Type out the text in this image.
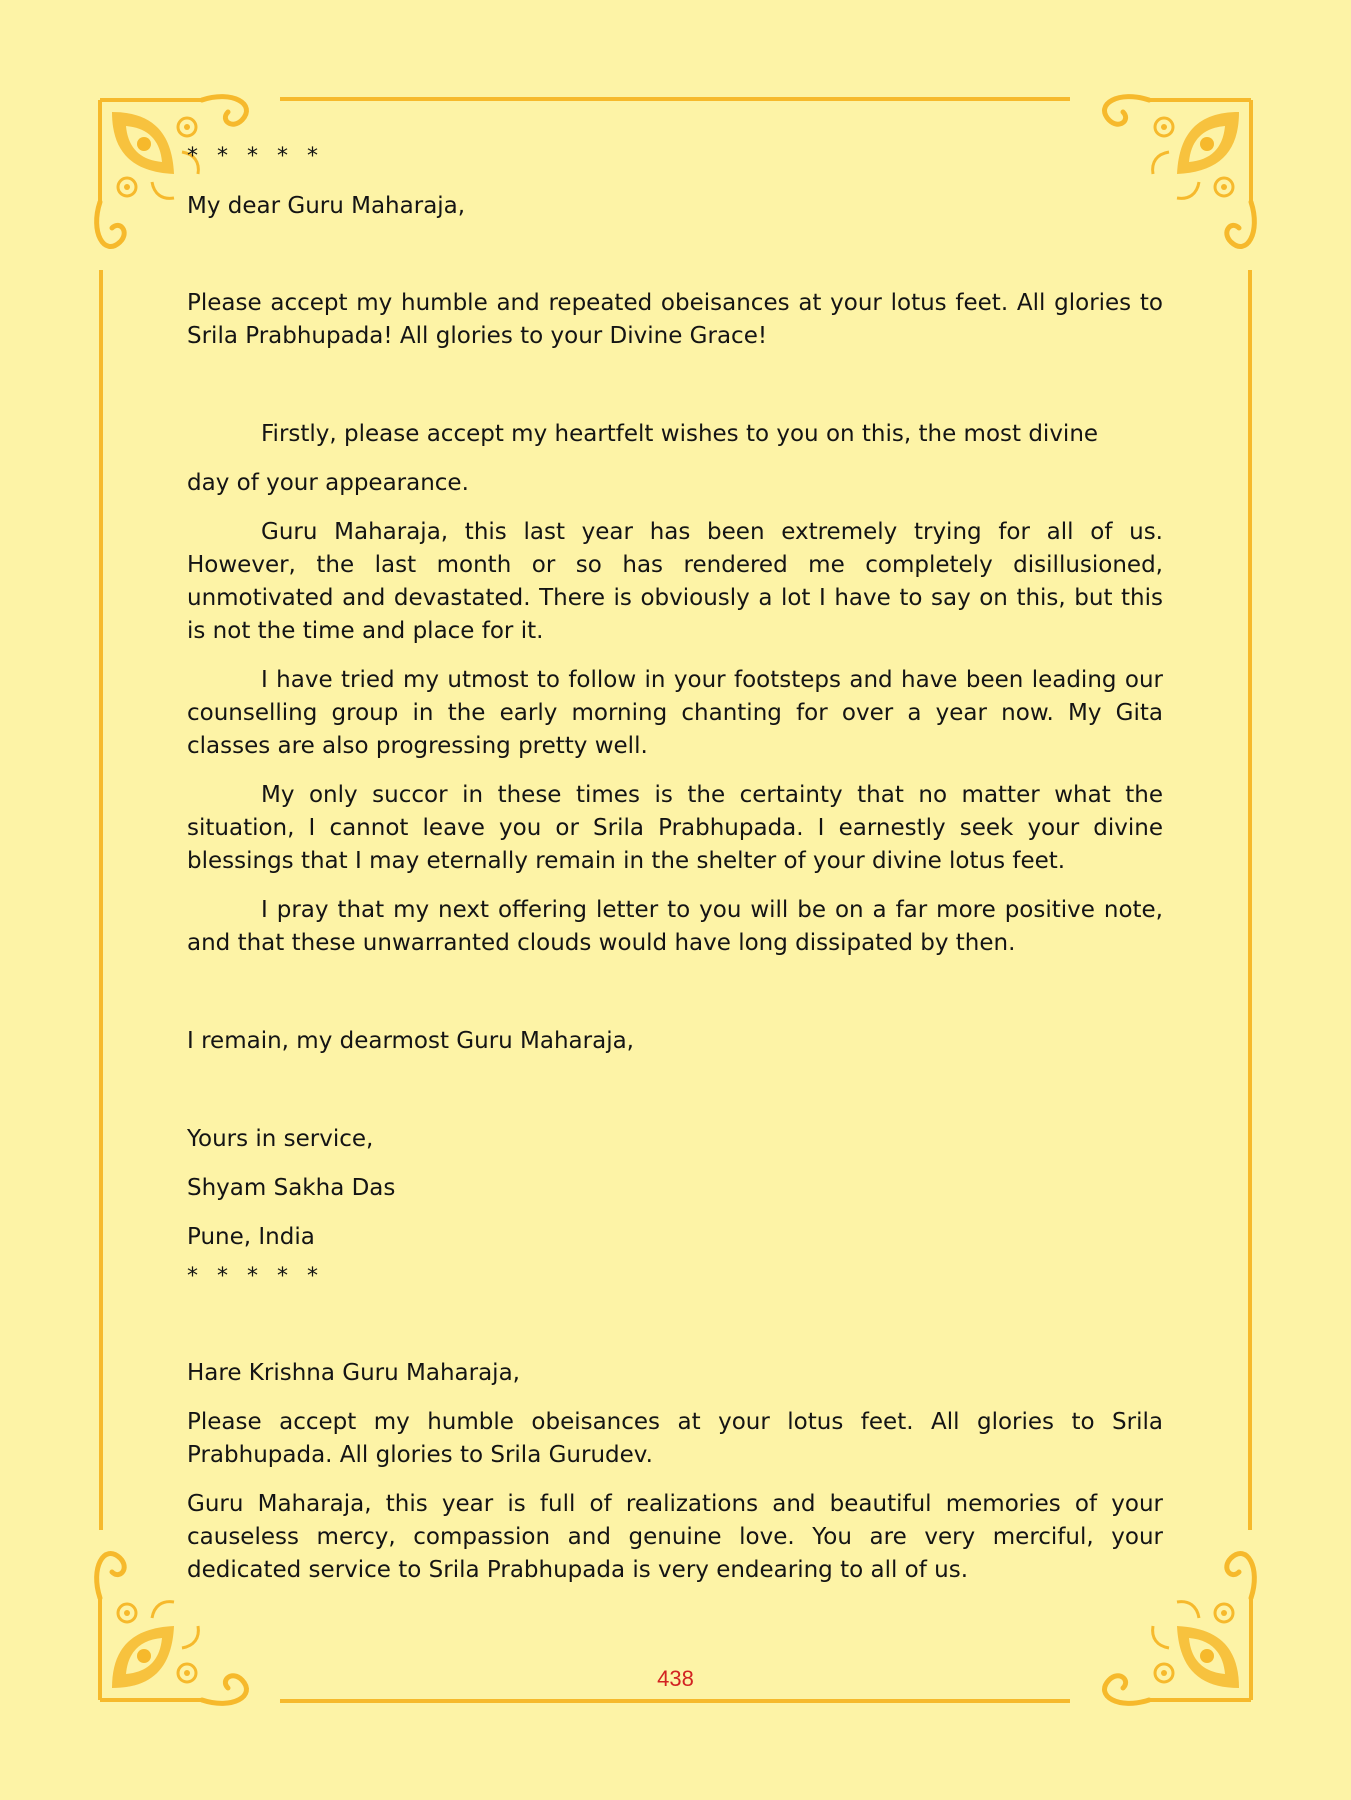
* * * * *

My dear Guru Maharaja,

Please accept my humble and repeated obeisances at your lotus feet. All glories to Srila Prabhupada! All glories to your Divine Grace!

Firstly, please accept my heartfelt wishes to you on this, the most divine

day of your appearance.

Guru Maharaja, this last year has been extremely trying for all of us. However, the last month or so has rendered me completely disillusioned, unmotivated and devastated. There is obviously a lot I have to say on this, but this is not the time and place for it.

I have tried my utmost to follow in your footsteps and have been leading our counselling group in the early morning chanting for over a year now. My Gita classes are also progressing pretty well.

My only succor in these times is the certainty that no matter what the situation, I cannot leave you or Srila Prabhupada. I earnestly seek your divine blessings that I may eternally remain in the shelter of your divine lotus feet.

I pray that my next offering letter to you will be on a far more positive note, and that these unwarranted clouds would have long dissipated by then.

I remain, my dearmost Guru Maharaja,

Yours in service,

Shyam Sakha Das

Pune, India

* * * * *

Hare Krishna Guru Maharaja,

Please accept my humble obeisances at your lotus feet. All glories to Srila Prabhupada. All glories to Srila Gurudev.

Guru Maharaja, this year is full of realizations and beautiful memories of your causeless mercy, compassion and genuine love. You are very merciful, your dedicated service to Srila Prabhupada is very endearing to all of us.

438
